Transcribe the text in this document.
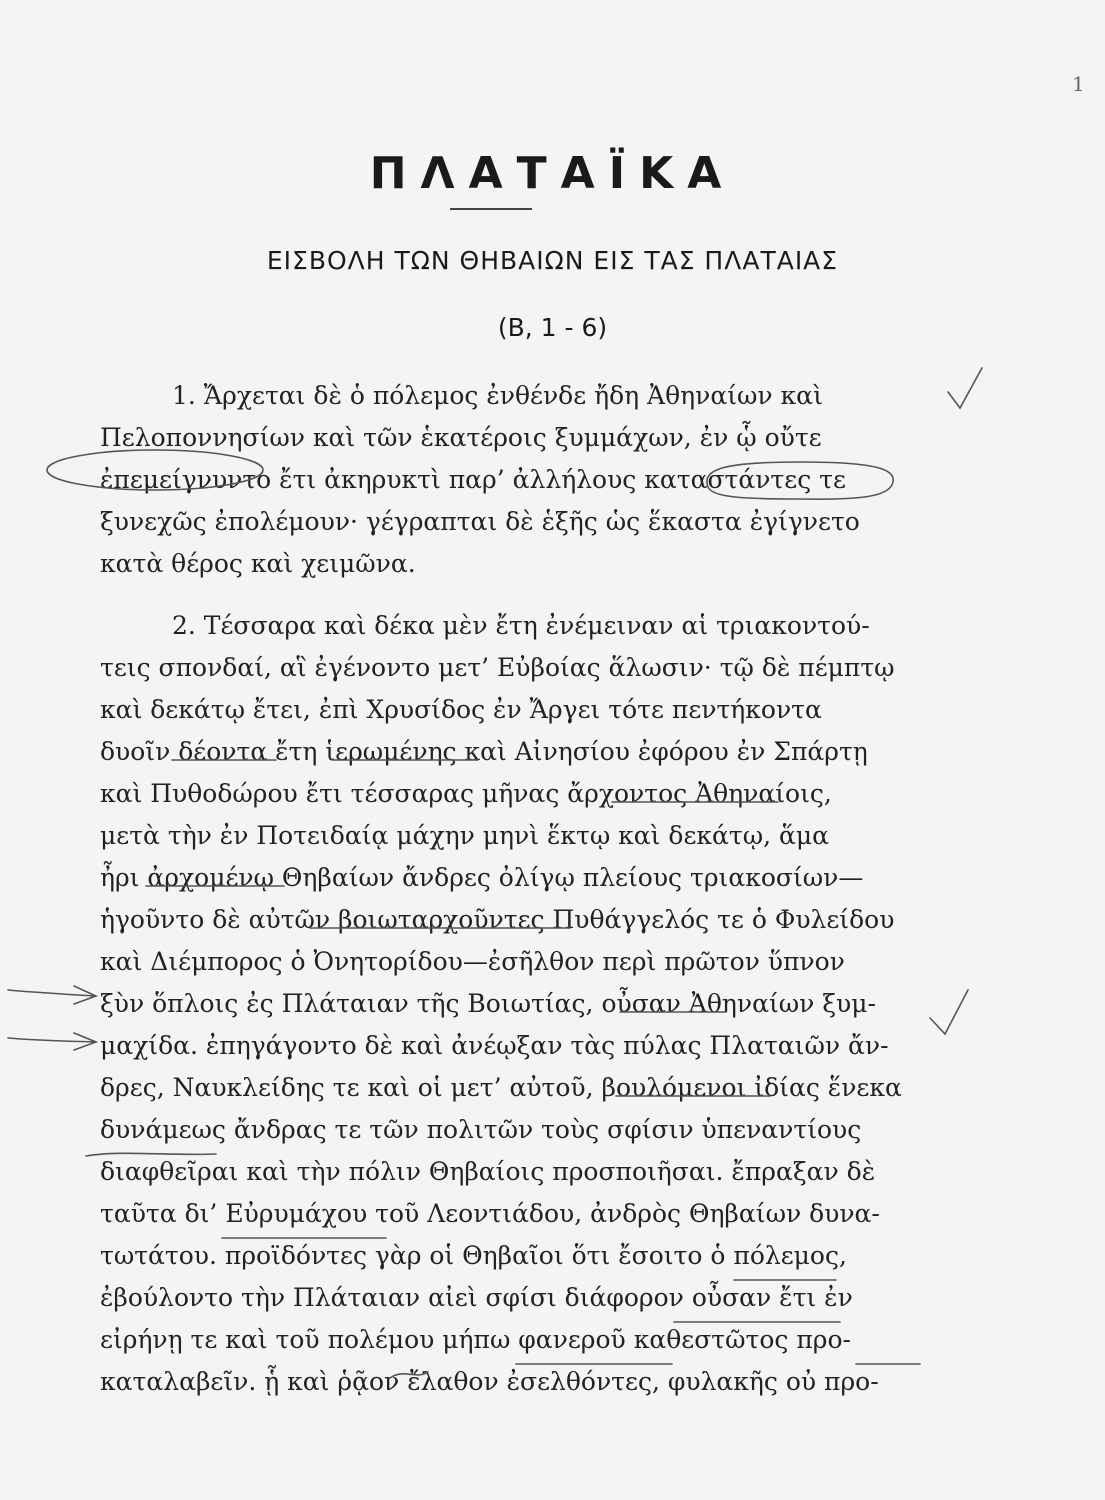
1
ΠΛΑΤΑΪΚΑ
ΕΙΣΒΟΛΗ ΤΩΝ ΘΗΒΑΙΩΝ ΕΙΣ ΤΑΣ ΠΛΑΤΑΙΑΣ
(Β, 1 - 6)
1. Ἄρχεται δὲ ὁ πόλεμος ἐνθένδε ἤδη Ἀθηναίων καὶ
Πελοποννησίων καὶ τῶν ἑκατέροις ξυμμάχων, ἐν ᾧ οὔτε
ἐπεμείγνυντο ἔτι ἀκηρυκτὶ παρ’ ἀλλήλους καταστάντες τε
ξυνεχῶς ἐπολέμουν· γέγραπται δὲ ἑξῆς ὡς ἕκαστα ἐγίγνετο
κατὰ θέρος καὶ χειμῶνα.
2. Τέσσαρα καὶ δέκα μὲν ἔτη ἐνέμειναν αἱ τριακοντού-
τεις σπονδαί, αἳ ἐγένοντο μετ’ Εὐβοίας ἅλωσιν· τῷ δὲ πέμπτῳ
καὶ δεκάτῳ ἔτει, ἐπὶ Χρυσίδος ἐν Ἄργει τότε πεντήκοντα
δυοῖν δέοντα ἔτη ἱερωμένης καὶ Αἰνησίου ἐφόρου ἐν Σπάρτῃ
καὶ Πυθοδώρου ἔτι τέσσαρας μῆνας ἄρχοντος Ἀθηναίοις,
μετὰ τὴν ἐν Ποτειδαίᾳ μάχην μηνὶ ἕκτῳ καὶ δεκάτῳ, ἅμα
ἦρι ἀρχομένῳ Θηβαίων ἄνδρες ὀλίγῳ πλείους τριακοσίων—
ἡγοῦντο δὲ αὐτῶν βοιωταρχοῦντες Πυθάγγελός τε ὁ Φυλείδου
καὶ Διέμπορος ὁ Ὀνητορίδου—ἐσῆλθον περὶ πρῶτον ὕπνον
ξὺν ὅπλοις ἐς Πλάταιαν τῆς Βοιωτίας, οὖσαν Ἀθηναίων ξυμ-
μαχίδα. ἐπηγάγοντο δὲ καὶ ἀνέῳξαν τὰς πύλας Πλαταιῶν ἄν-
δρες, Ναυκλείδης τε καὶ οἱ μετ’ αὐτοῦ, βουλόμενοι ἰδίας ἕνεκα
δυνάμεως ἄνδρας τε τῶν πολιτῶν τοὺς σφίσιν ὑπεναντίους
διαφθεῖραι καὶ τὴν πόλιν Θηβαίοις προσποιῆσαι. ἔπραξαν δὲ
ταῦτα δι’ Εὐρυμάχου τοῦ Λεοντιάδου, ἀνδρὸς Θηβαίων δυνα-
τωτάτου. προϊδόντες γὰρ οἱ Θηβαῖοι ὅτι ἔσοιτο ὁ πόλεμος,
ἐβούλοντο τὴν Πλάταιαν αἰεὶ σφίσι διάφορον οὖσαν ἔτι ἐν
εἰρήνῃ τε καὶ τοῦ πολέμου μήπω φανεροῦ καθεστῶτος προ-
καταλαβεῖν. ᾗ καὶ ῥᾷον ἔλαθον ἐσελθόντες, φυλακῆς οὐ προ-
